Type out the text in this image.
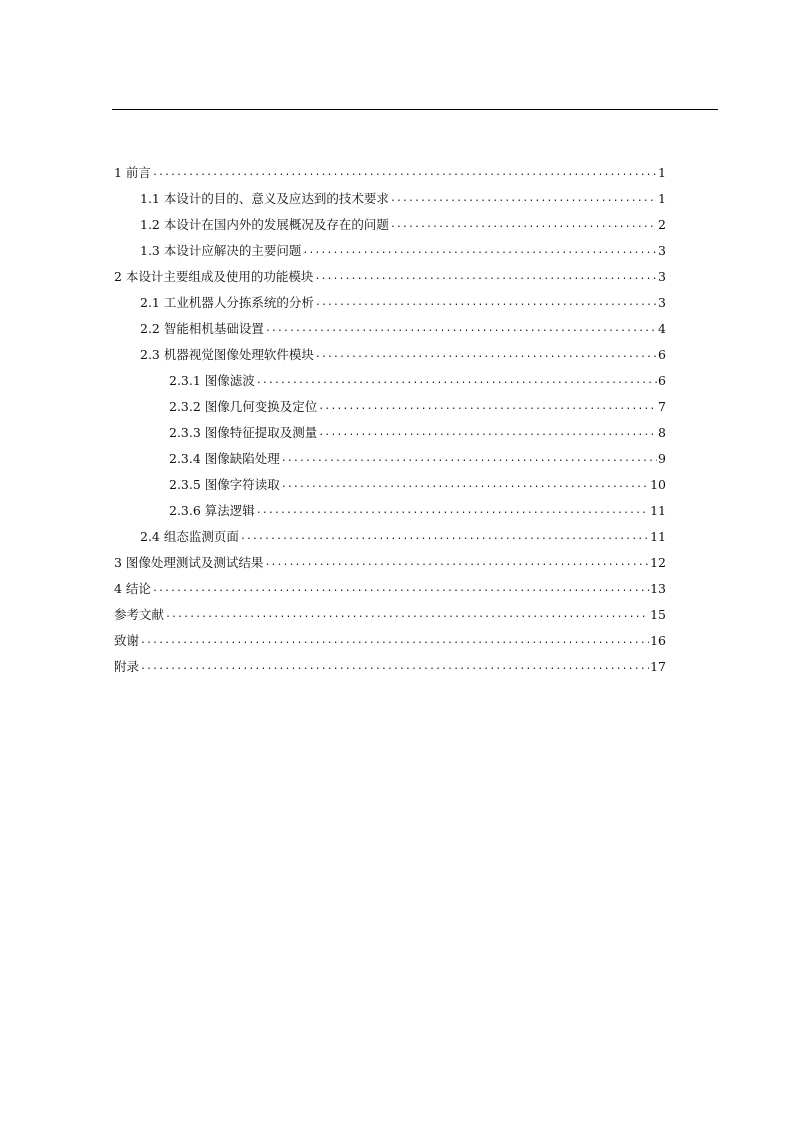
1 前言 .....	1
1.1 本设计的目的、意义及应达到的技术要求 .....	1
1.2 本设计在国内外的发展概况及存在的问题 .....	2
1.3 本设计应解决的主要问题 .....	3
2 本设计主要组成及使用的功能模块 .....	3
2.1 工业机器人分拣系统的分析 .....	3
2.2 智能相机基础设置 .....	4
2.3 机器视觉图像处理软件模块 .....	6
2.3.1 图像滤波 .....	6
2.3.2 图像几何变换及定位 .....	7
2.3.3 图像特征提取及测量 .....	8
2.3.4 图像缺陷处理 .....	9
2.3.5 图像字符读取 .....	10
2.3.6 算法逻辑 .....	11
2.4 组态监测页面 .....	11
3 图像处理测试及测试结果 .....	12
4 结论 .....	13
参考文献 .....	15
致谢 .....	16
附录 .....	17
